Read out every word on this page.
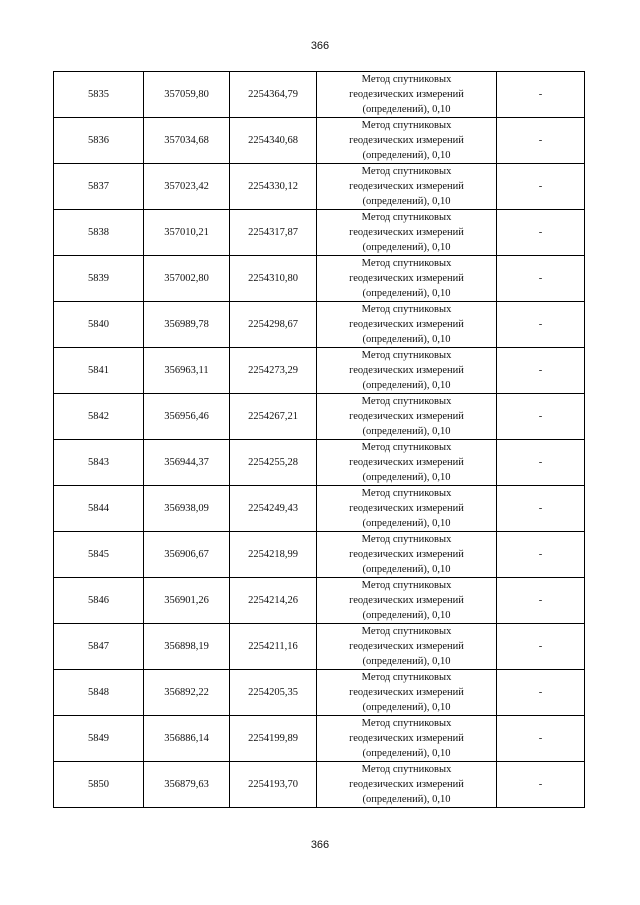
366
5835	357059,80	2254364,79	Метод спутниковых
геодезических измерений
(определений), 0,10	-
5836	357034,68	2254340,68	Метод спутниковых
геодезических измерений
(определений), 0,10	-
5837	357023,42	2254330,12	Метод спутниковых
геодезических измерений
(определений), 0,10	-
5838	357010,21	2254317,87	Метод спутниковых
геодезических измерений
(определений), 0,10	-
5839	357002,80	2254310,80	Метод спутниковых
геодезических измерений
(определений), 0,10	-
5840	356989,78	2254298,67	Метод спутниковых
геодезических измерений
(определений), 0,10	-
5841	356963,11	2254273,29	Метод спутниковых
геодезических измерений
(определений), 0,10	-
5842	356956,46	2254267,21	Метод спутниковых
геодезических измерений
(определений), 0,10	-
5843	356944,37	2254255,28	Метод спутниковых
геодезических измерений
(определений), 0,10	-
5844	356938,09	2254249,43	Метод спутниковых
геодезических измерений
(определений), 0,10	-
5845	356906,67	2254218,99	Метод спутниковых
геодезических измерений
(определений), 0,10	-
5846	356901,26	2254214,26	Метод спутниковых
геодезических измерений
(определений), 0,10	-
5847	356898,19	2254211,16	Метод спутниковых
геодезических измерений
(определений), 0,10	-
5848	356892,22	2254205,35	Метод спутниковых
геодезических измерений
(определений), 0,10	-
5849	356886,14	2254199,89	Метод спутниковых
геодезических измерений
(определений), 0,10	-
5850	356879,63	2254193,70	Метод спутниковых
геодезических измерений
(определений), 0,10	-
366
